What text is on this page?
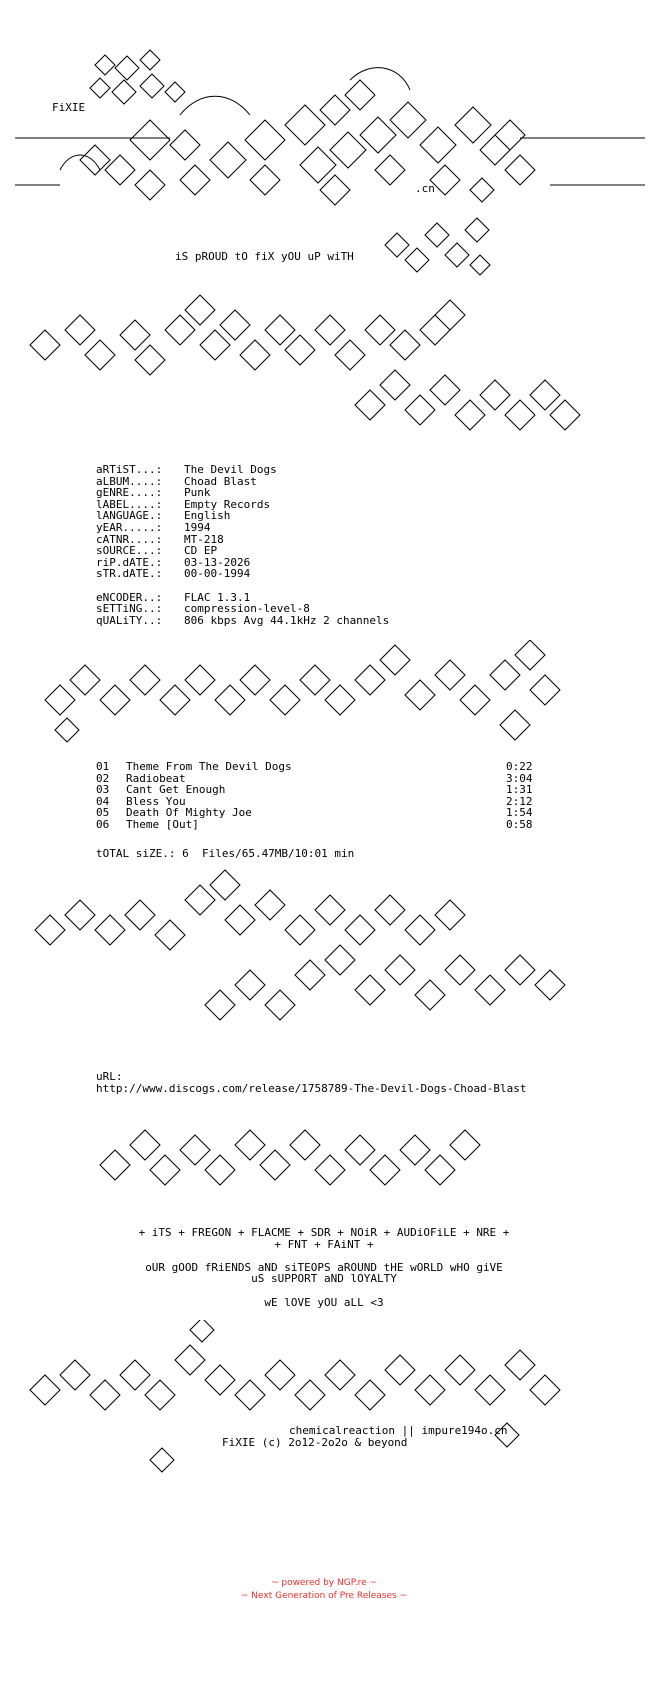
FiXIE
.cn
iS pROUD tO fiX yOU uP wiTH
aRTiST...:	The Devil Dogs
aLBUM....:	Choad Blast
gENRE....:	Punk
lABEL....:	Empty Records
lANGUAGE.:	English
yEAR.....:	1994
cATNR....:	MT-218
sOURCE...:	CD EP
riP.dATE.:	03-13-2026
sTR.dATE.:	00-00-1994
eNCODER..:	FLAC 1.3.1
sETTiNG..:	compression-level-8
qUALiTY..:	806 kbps Avg 44.1kHz 2 channels
01	Theme From The Devil Dogs	0:22
02	Radiobeat	3:04
03	Cant Get Enough	1:31
04	Bless You	2:12
05	Death Of Mighty Joe	1:54
06	Theme [Out]	0:58
tOTAL siZE.: 6  Files/65.47MB/10:01 min
uRL:
http://www.discogs.com/release/1758789-The-Devil-Dogs-Choad-Blast
+ iTS + FREGON + FLACME + SDR + NOiR + AUDiOFiLE + NRE +
+ FNT + FAiNT +
oUR gOOD fRiENDS aND siTEOPS aROUND tHE wORLD wHO giVE
uS sUPPORT aND lOYALTY
wE lOVE yOU aLL <3
chemicalreaction || impure194o.cn
FiXIE (c) 2o12-2o2o & beyond
~ powered by NGP.re ~
~ Next Generation of Pre Releases ~
